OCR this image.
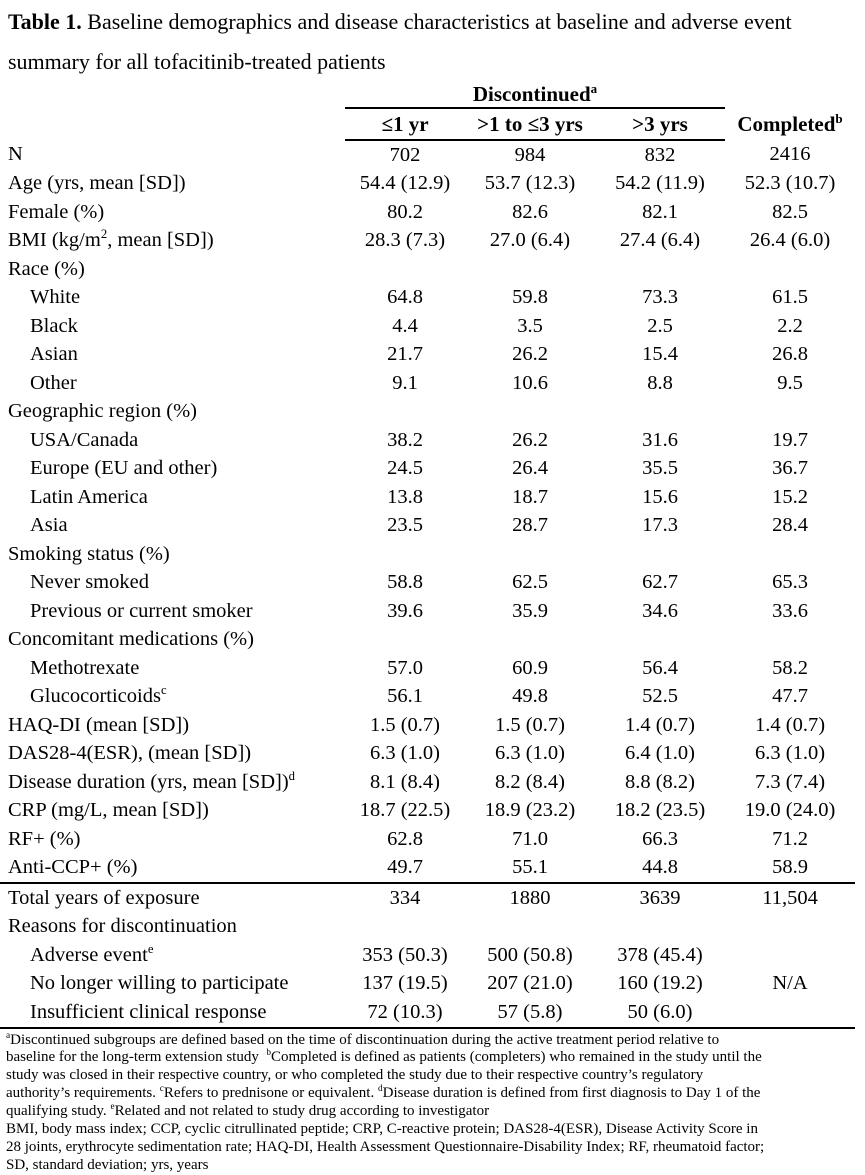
Table 1. Baseline demographics and disease characteristics at baseline and adverse event
summary for all tofacitinib-treated patients
	Discontinued$^a$	
	≤1 yr	>1 to ≤3 yrs	>3 yrs	Completed$^b$
N	702	984	832	2416
Age (yrs, mean [SD])	54.4 (12.9)	53.7 (12.3)	54.2 (11.9)	52.3 (10.7)
Female (%)	80.2	82.6	82.1	82.5
BMI ($kg/m^2$, mean [SD])	28.3 (7.3)	27.0 (6.4)	27.4 (6.4)	26.4 (6.0)
Race (%)				
White	64.8	59.8	73.3	61.5
Black	4.4	3.5	2.5	2.2
Asian	21.7	26.2	15.4	26.8
Other	9.1	10.6	8.8	9.5
Geographic region (%)				
USA/Canada	38.2	26.2	31.6	19.7
Europe (EU and other)	24.5	26.4	35.5	36.7
Latin America	13.8	18.7	15.6	15.2
Asia	23.5	28.7	17.3	28.4
Smoking status (%)				
Never smoked	58.8	62.5	62.7	65.3
Previous or current smoker	39.6	35.9	34.6	33.6
Concomitant medications (%)				
Methotrexate	57.0	60.9	56.4	58.2
Glucocorticoids$^c$	56.1	49.8	52.5	47.7
HAQ-DI (mean [SD])	1.5 (0.7)	1.5 (0.7)	1.4 (0.7)	1.4 (0.7)
DAS28-4(ESR), (mean [SD])	6.3 (1.0)	6.3 (1.0)	6.4 (1.0)	6.3 (1.0)
Disease duration (yrs, mean [SD])$^d$	8.1 (8.4)	8.2 (8.4)	8.8 (8.2)	7.3 (7.4)
CRP (mg/L, mean [SD])	18.7 (22.5)	18.9 (23.2)	18.2 (23.5)	19.0 (24.0)
RF+ (%)	62.8	71.0	66.3	71.2
Anti-CCP+ (%)	49.7	55.1	44.8	58.9
Total years of exposure	334	1880	3639	11,504
Reasons for discontinuation				
Adverse event$^e$	353 (50.3)	500 (50.8)	378 (45.4)	
No longer willing to participate	137 (19.5)	207 (21.0)	160 (19.2)	N/A
Insufficient clinical response	72 (10.3)	57 (5.8)	50 (6.0)	
$^a$Discontinued subgroups are defined based on the time of discontinuation during the active treatment period relative to
baseline for the long-term extension study  $^b$Completed is defined as patients (completers) who remained in the study until the
study was closed in their respective country, or who completed the study due to their respective country’s regulatory
authority’s requirements. $^c$Refers to prednisone or equivalent. $^d$Disease duration is defined from first diagnosis to Day 1 of the
qualifying study. $^e$Related and not related to study drug according to investigator
BMI, body mass index; CCP, cyclic citrullinated peptide; CRP, C-reactive protein; DAS28-4(ESR), Disease Activity Score in
28 joints, erythrocyte sedimentation rate; HAQ-DI, Health Assessment Questionnaire-Disability Index; RF, rheumatoid factor;
SD, standard deviation; yrs, years
